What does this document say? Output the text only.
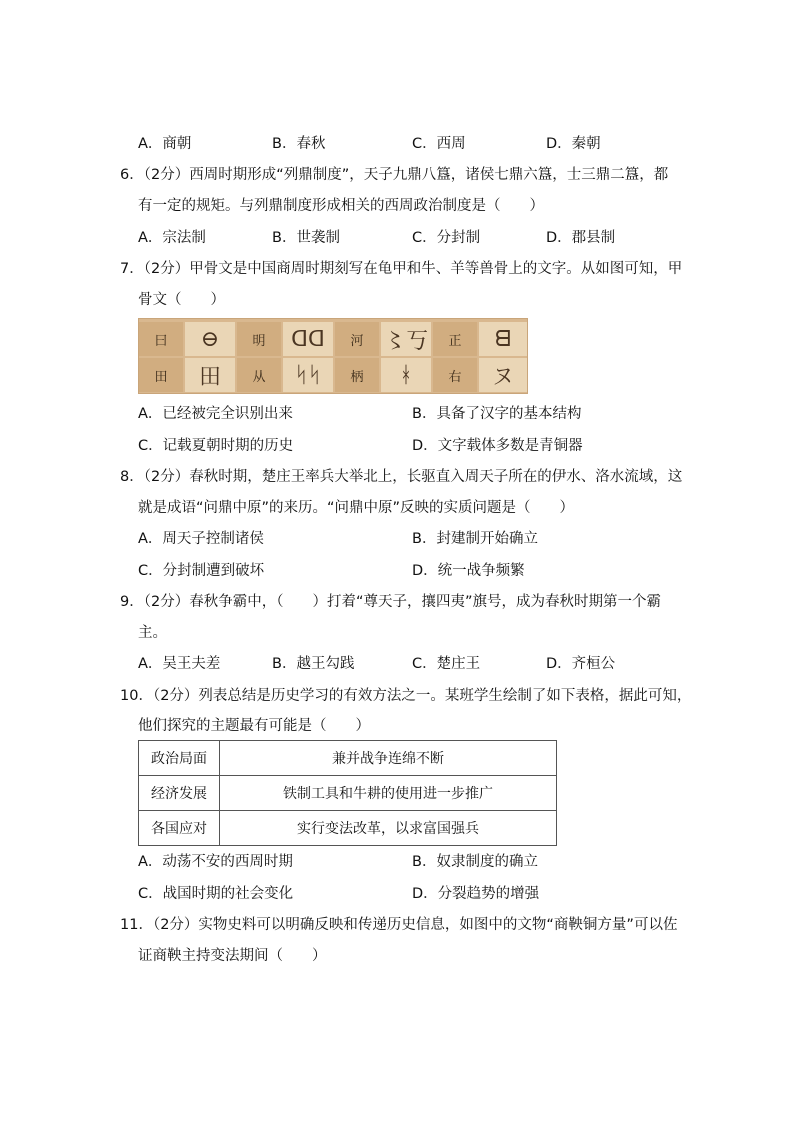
A．商朝	B．春秋	C．西周	D．秦朝
6．（2分）西周时期形成“列鼎制度”，天子九鼎八簋，诸侯七鼎六簋，士三鼎二簋，都
有一定的规矩。与列鼎制度形成相关的西周政治制度是（　　）
A．宗法制	B．世袭制	C．分封制	D．郡县制
7．（2分）甲骨文是中国商周时期刻写在龟甲和牛、羊等兽骨上的文字。从如图可知，甲
骨文（　　）
曰	⊖	明	ᗡᗡ	河 〻丂	正	ᗺ
田	田	从	ᛋᛋ	柄	ᚼ	右	ヌ
A．已经被完全识别出来	B．具备了汉字的基本结构
C．记载夏朝时期的历史	D．文字载体多数是青铜器
8．（2分）春秋时期，楚庄王率兵大举北上，长驱直入周天子所在的伊水、洛水流域，这
就是成语“问鼎中原”的来历。“问鼎中原”反映的实质问题是（　　）
A．周天子控制诸侯	B．封建制开始确立
C．分封制遭到破坏	D．统一战争频繁
9．（2分）春秋争霸中，（　　）打着“尊天子，攘四夷”旗号，成为春秋时期第一个霸
主。
A．吴王夫差	B．越王勾践	C．楚庄王	D．齐桓公
10．（2分）列表总结是历史学习的有效方法之一。某班学生绘制了如下表格，据此可知，
他们探究的主题最有可能是（　　）
政治局面	兼并战争连绵不断
经济发展	铁制工具和牛耕的使用进一步推广
各国应对	实行变法改革，以求富国强兵
A．动荡不安的西周时期	B．奴隶制度的确立
C．战国时期的社会变化	D．分裂趋势的增强
11．（2分）实物史料可以明确反映和传递历史信息，如图中的文物“商鞅铜方量”可以佐
证商鞅主持变法期间（　　）
